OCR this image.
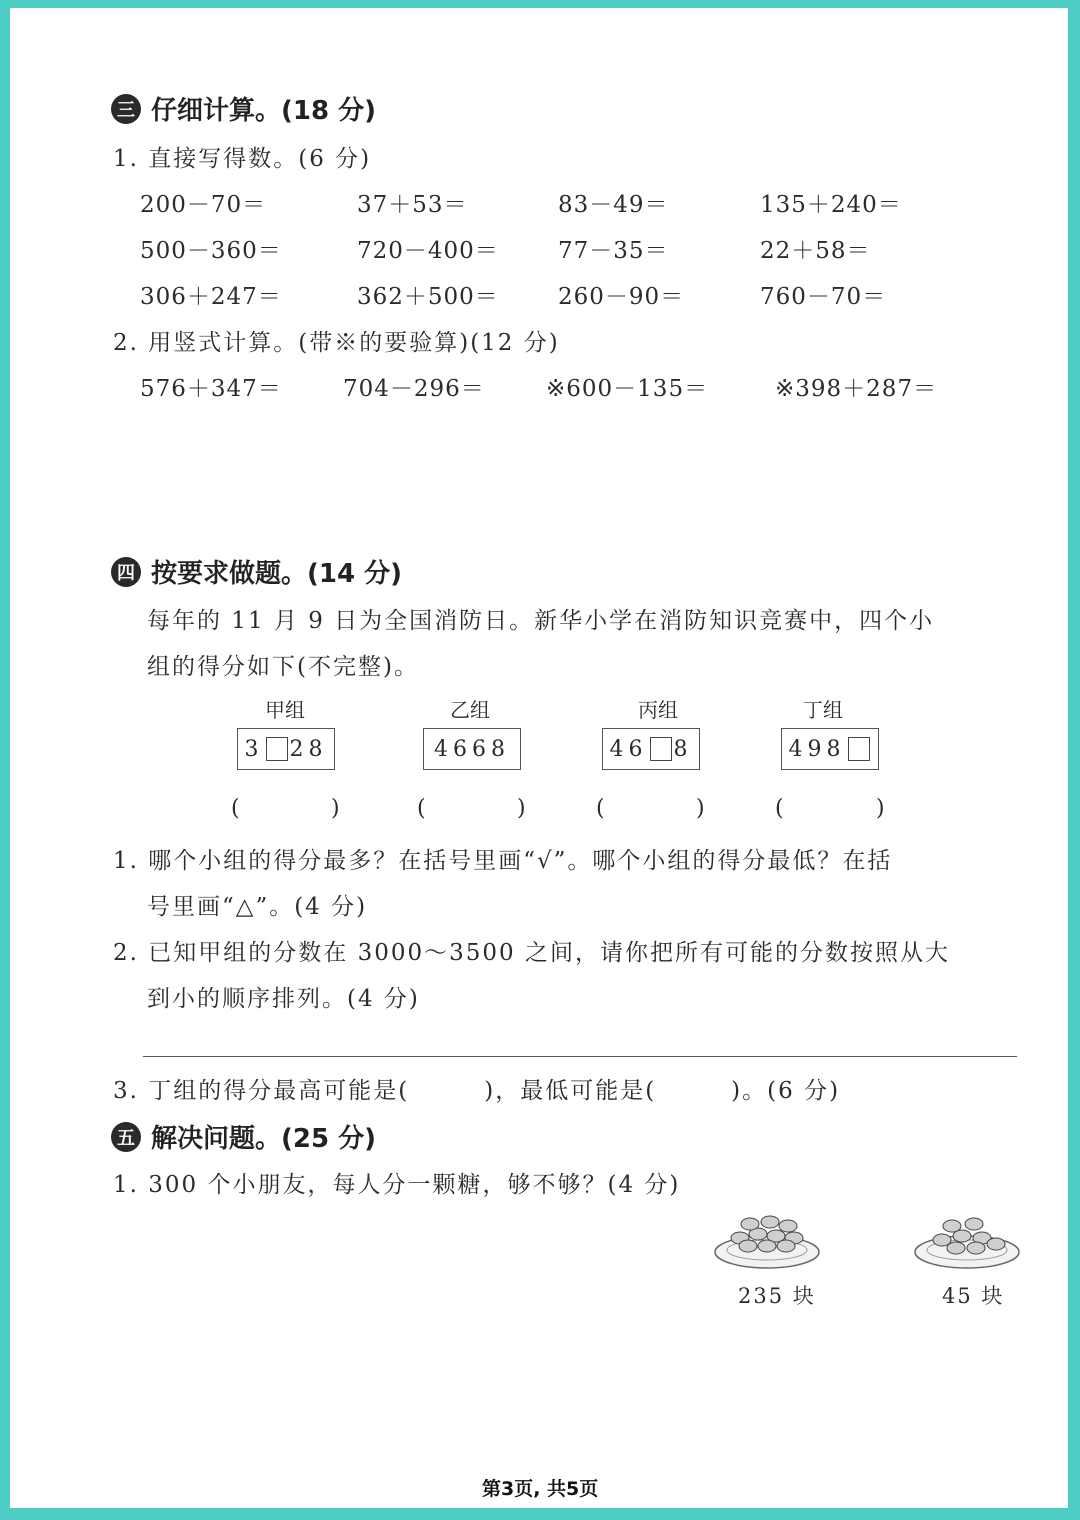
三 仔细计算。(18 分)
1. 直接写得数。(6 分)
200－70＝	37＋53＝	83－49＝	135＋240＝
500－360＝	720－400＝	77－35＝	22＋58＝
306＋247＝	362＋500＝	260－90＝	760－70＝
2. 用竖式计算。(带※的要验算)(12 分)
576＋347＝	704－296＝	※600－135＝	※398＋287＝
四 按要求做题。(14 分)
每年的 11 月 9 日为全国消防日。新华小学在消防知识竞赛中，四个小
组的得分如下(不完整)。
甲组	乙组	丙组	丁组
3 28	4668	46 8	498
(	)	(	)	(	)	(	)
1. 哪个小组的得分最多？在括号里画“√”。哪个小组的得分最低？在括
号里画“△”。(4 分)
2. 已知甲组的分数在 3000～3500 之间，请你把所有可能的分数按照从大
到小的顺序排列。(4 分)
3. 丁组的得分最高可能是(　　　)，最低可能是(　　　)。(6 分)
五 解决问题。(25 分)
1. 300 个小朋友，每人分一颗糖，够不够？(4 分)
235 块	45 块
第3页, 共5页
